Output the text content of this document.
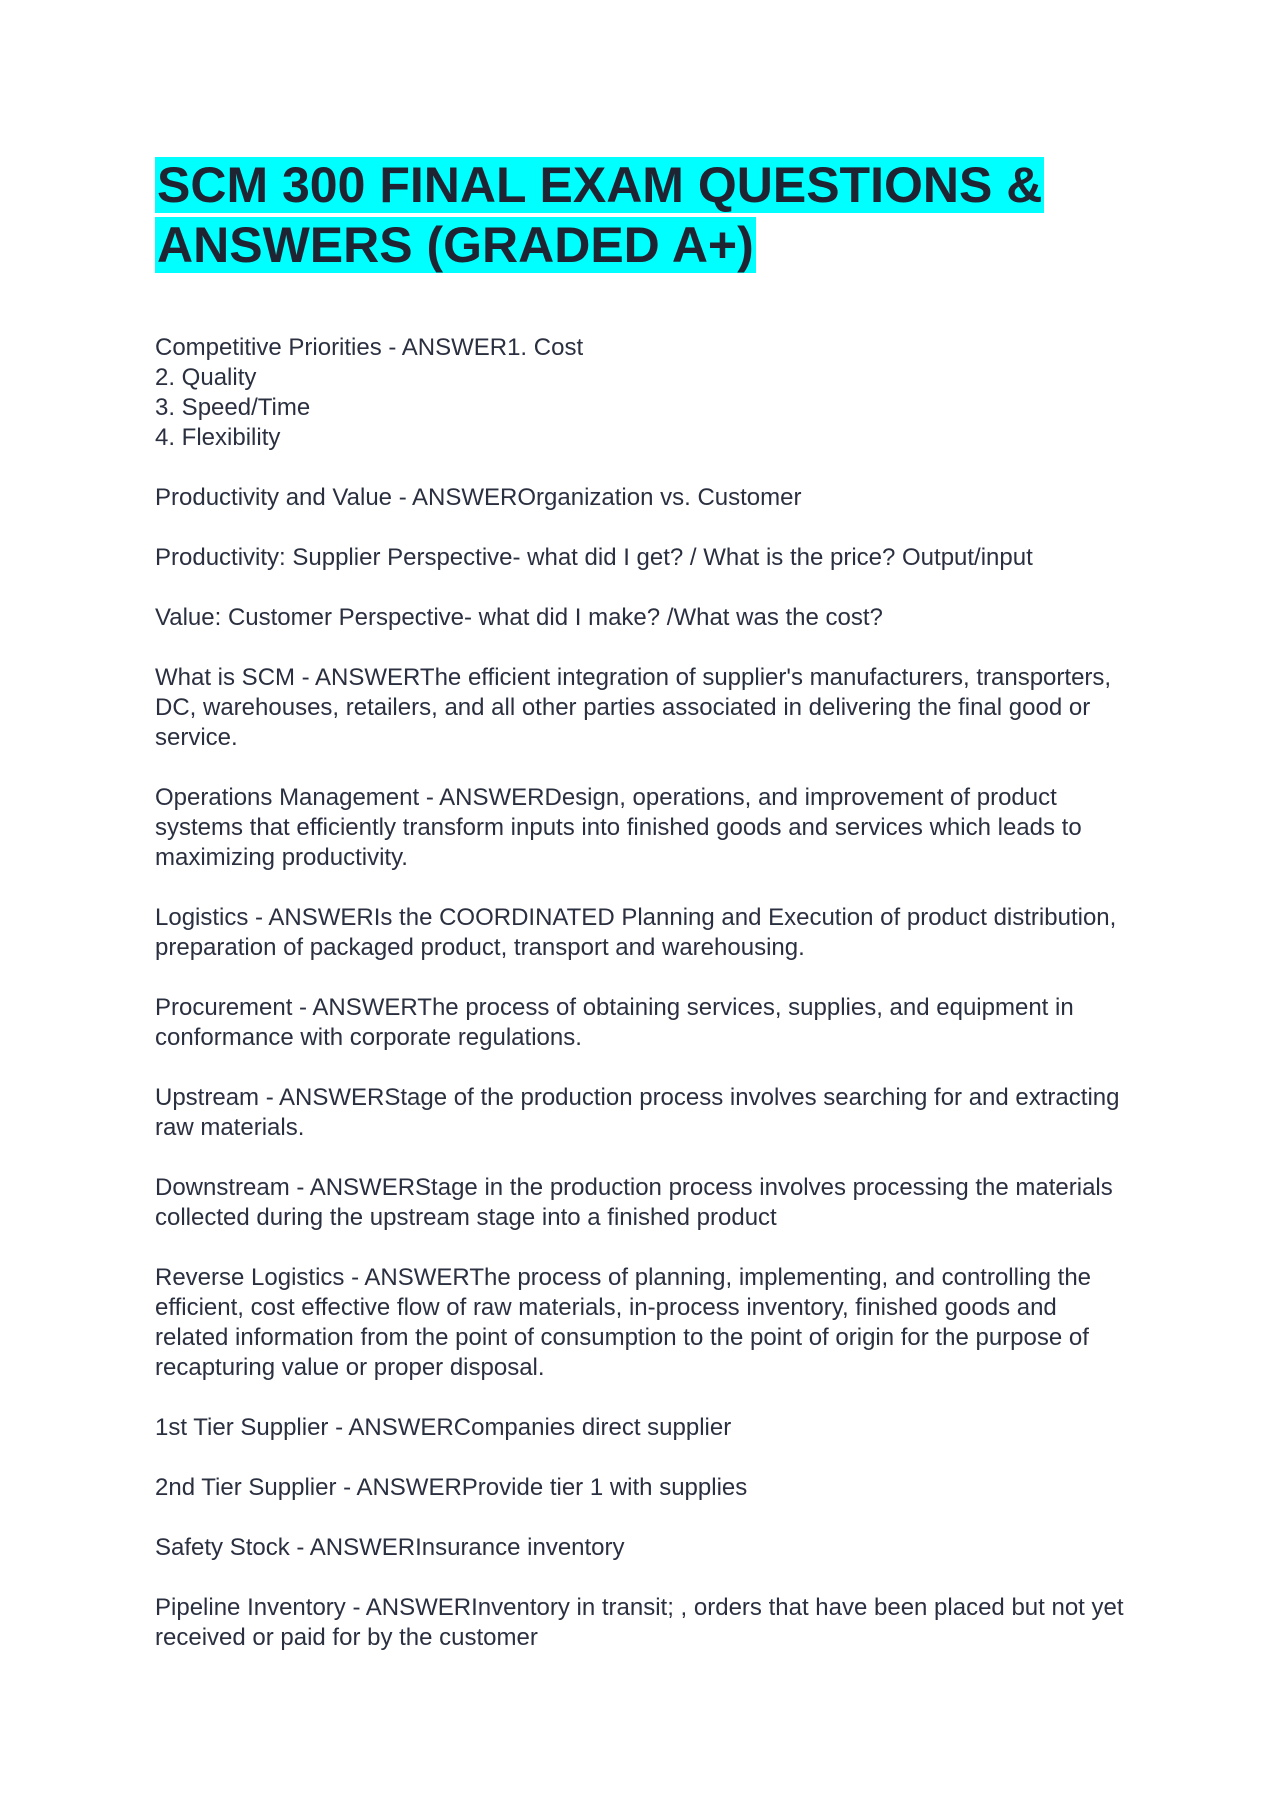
SCM 300 FINAL EXAM QUESTIONS &
ANSWERS (GRADED A+)

Competitive Priorities - ANSWER1. Cost
2. Quality
3. Speed/Time
4. Flexibility

Productivity and Value - ANSWEROrganization vs. Customer

Productivity: Supplier Perspective- what did I get? / What is the price? Output/input

Value: Customer Perspective- what did I make? /What was the cost?

What is SCM - ANSWERThe efficient integration of supplier's manufacturers, transporters, DC, warehouses, retailers, and all other parties associated in delivering the final good or service.

Operations Management - ANSWERDesign, operations, and improvement of product systems that efficiently transform inputs into finished goods and services which leads to maximizing productivity.

Logistics - ANSWERIs the COORDINATED Planning and Execution of product distribution, preparation of packaged product, transport and warehousing.

Procurement - ANSWERThe process of obtaining services, supplies, and equipment in conformance with corporate regulations.

Upstream - ANSWERStage of the production process involves searching for and extracting raw materials.

Downstream - ANSWERStage in the production process involves processing the materials collected during the upstream stage into a finished product

Reverse Logistics - ANSWERThe process of planning, implementing, and controlling the efficient, cost effective flow of raw materials, in-process inventory, finished goods and related information from the point of consumption to the point of origin for the purpose of recapturing value or proper disposal.

1st Tier Supplier - ANSWERCompanies direct supplier

2nd Tier Supplier - ANSWERProvide tier 1 with supplies

Safety Stock - ANSWERInsurance inventory

Pipeline Inventory - ANSWERInventory in transit; , orders that have been placed but not yet received or paid for by the customer
